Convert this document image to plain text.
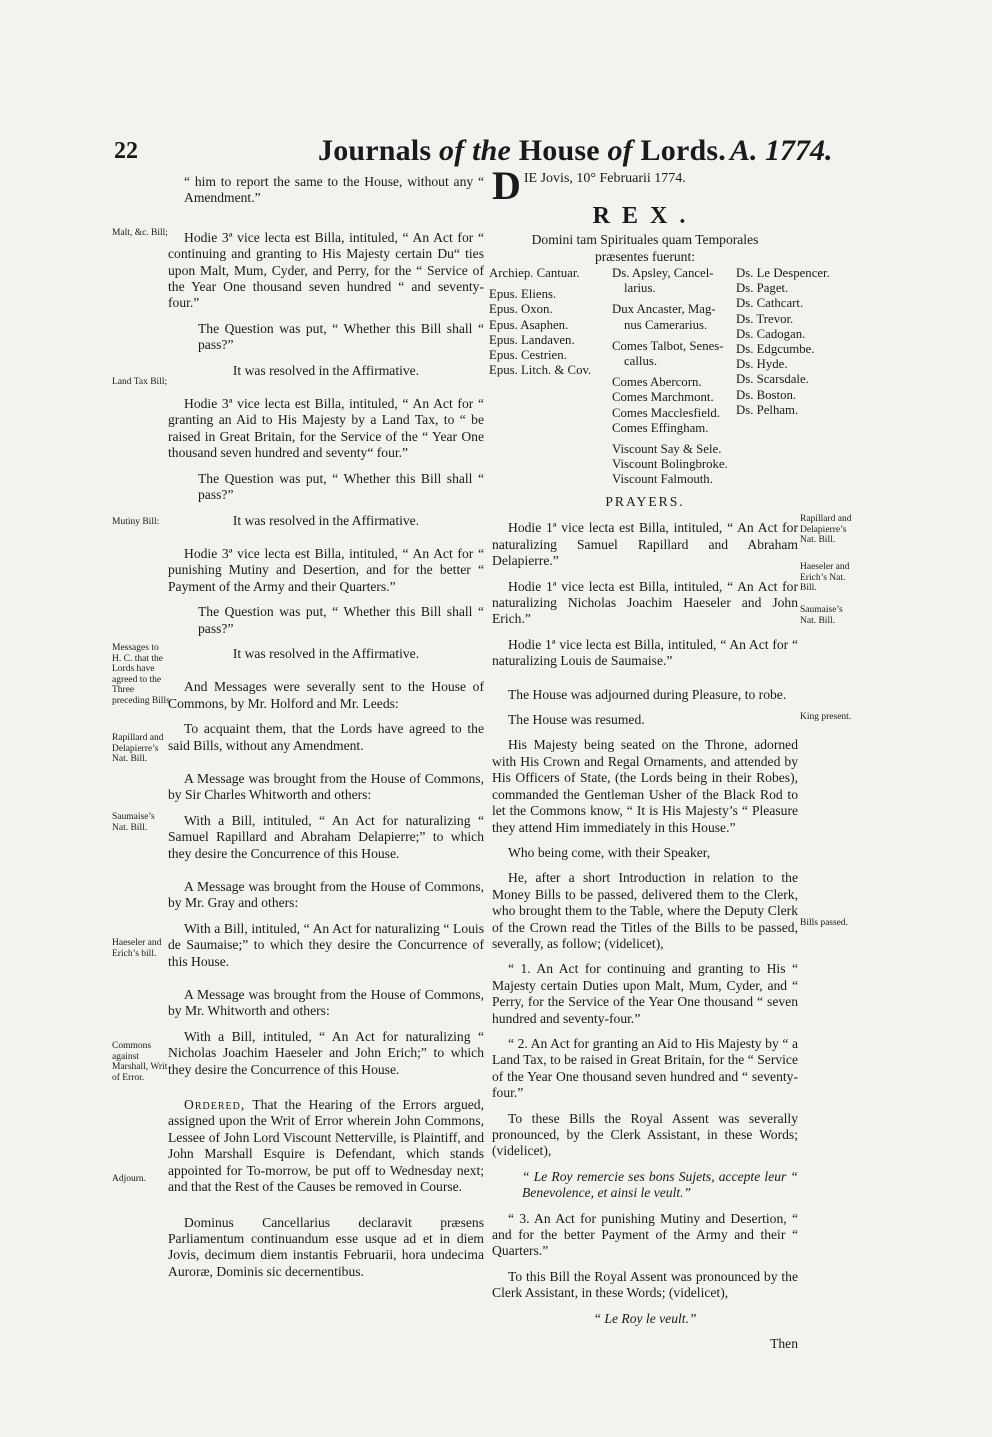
22	Journals of the House of Lords. A. 1774.
Malt, &c. Bill;
Land Tax Bill;
Mutiny Bill:
Messages to H. C. that the Lords have agreed to the Three preceding Bills
Rapillard and Delapierre’s Nat. Bill.
Saumaise’s Nat. Bill.
Haeseler and Erich’s bill.
Commons against Marshall, Writ of Error.
Adjourn.

“ him to report the same to the House, without any “ Amendment.”

Hodie 3ª vice lecta est Billa, intituled, “ An Act for “ continuing and granting to His Majesty certain Du“ ties upon Malt, Mum, Cyder, and Perry, for the “ Service of the Year One thousand seven hundred “ and seventy-four.”

The Question was put, “ Whether this Bill shall “ pass?”

It was resolved in the Affirmative.

Hodie 3ª vice lecta est Billa, intituled, “ An Act for “ granting an Aid to His Majesty by a Land Tax, to “ be raised in Great Britain, for the Service of the “ Year One thousand seven hundred and seventy“ four.”

The Question was put, “ Whether this Bill shall “ pass?”

It was resolved in the Affirmative.

Hodie 3ª vice lecta est Billa, intituled, “ An Act for “ punishing Mutiny and Desertion, and for the better “ Payment of the Army and their Quarters.”

The Question was put, “ Whether this Bill shall “ pass?”

It was resolved in the Affirmative.

And Messages were severally sent to the House of Commons, by Mr. Holford and Mr. Leeds:

To acquaint them, that the Lords have agreed to the said Bills, without any Amendment.

A Message was brought from the House of Commons, by Sir Charles Whitworth and others:

With a Bill, intituled, “ An Act for naturalizing “ Samuel Rapillard and Abraham Delapierre;” to which they desire the Concurrence of this House.

A Message was brought from the House of Commons, by Mr. Gray and others:

With a Bill, intituled, “ An Act for naturalizing “ Louis de Saumaise;” to which they desire the Concurrence of this House.

A Message was brought from the House of Commons, by Mr. Whitworth and others:

With a Bill, intituled, “ An Act for naturalizing “ Nicholas Joachim Haeseler and John Erich;” to which they desire the Concurrence of this House.

Ordered, That the Hearing of the Errors argued, assigned upon the Writ of Error wherein John Commons, Lessee of John Lord Viscount Netterville, is Plaintiff, and John Marshall Esquire is Defendant, which stands appointed for To-morrow, be put off to Wednesday next; and that the Rest of the Causes be removed in Course.

Dominus Cancellarius declaravit præsens Parliamentum continuandum esse usque ad et in diem Jovis, decimum diem instantis Februarii, hora undecima Auroræ, Dominis sic decernentibus.

D IE Jovis, 10° Februarii 1774.
REX.

Domini tam Spirituales quam Temporales præsentes fuerunt:

Archiep. Cantuar.
Epus. Eliens.
Epus. Oxon.
Epus. Asaphen.
Epus. Landaven.
Epus. Cestrien.
Epus. Litch. & Cov.
Ds. Apsley, Cancel-
larius.
Dux Ancaster, Mag-
nus Camerarius.
Comes Talbot, Senes-
callus.
Comes Abercorn.
Comes Marchmont.
Comes Macclesfield.
Comes Effingham.
Viscount Say & Sele.
Viscount Bolingbroke.
Viscount Falmouth.
Ds. Le Despencer.
Ds. Paget.
Ds. Cathcart.
Ds. Trevor.
Ds. Cadogan.
Ds. Edgcumbe.
Ds. Hyde.
Ds. Scarsdale.
Ds. Boston.
Ds. Pelham.
Rapillard and Delapierre’s Nat. Bill.
Haeseler and Erich’s Nat. Bill.
Saumaise’s Nat. Bill.
King present.
Bills passed.
PRAYERS.

Hodie 1ª vice lecta est Billa, intituled, “ An Act for naturalizing Samuel Rapillard and Abraham Delapierre.”

Hodie 1ª vice lecta est Billa, intituled, “ An Act for naturalizing Nicholas Joachim Haeseler and John Erich.”

Hodie 1ª vice lecta est Billa, intituled, “ An Act for “ naturalizing Louis de Saumaise.”

The House was adjourned during Pleasure, to robe.

The House was resumed.

His Majesty being seated on the Throne, adorned with His Crown and Regal Ornaments, and attended by His Officers of State, (the Lords being in their Robes), commanded the Gentleman Usher of the Black Rod to let the Commons know, “ It is His Majesty’s “ Pleasure they attend Him immediately in this House.”

Who being come, with their Speaker,

He, after a short Introduction in relation to the Money Bills to be passed, delivered them to the Clerk, who brought them to the Table, where the Deputy Clerk of the Crown read the Titles of the Bills to be passed, severally, as follow; (videlicet),

“ 1. An Act for continuing and granting to His “ Majesty certain Duties upon Malt, Mum, Cyder, and “ Perry, for the Service of the Year One thousand “ seven hundred and seventy-four.”

“ 2. An Act for granting an Aid to His Majesty by “ a Land Tax, to be raised in Great Britain, for the “ Service of the Year One thousand seven hundred and “ seventy-four.”

To these Bills the Royal Assent was severally pronounced, by the Clerk Assistant, in these Words; (videlicet),

“ Le Roy remercie ses bons Sujets, accepte leur “ Benevolence, et ainsi le veult.”

“ 3. An Act for punishing Mutiny and Desertion, “ and for the better Payment of the Army and their “ Quarters.”

To this Bill the Royal Assent was pronounced by the Clerk Assistant, in these Words; (videlicet),

“ Le Roy le veult.”

Then
